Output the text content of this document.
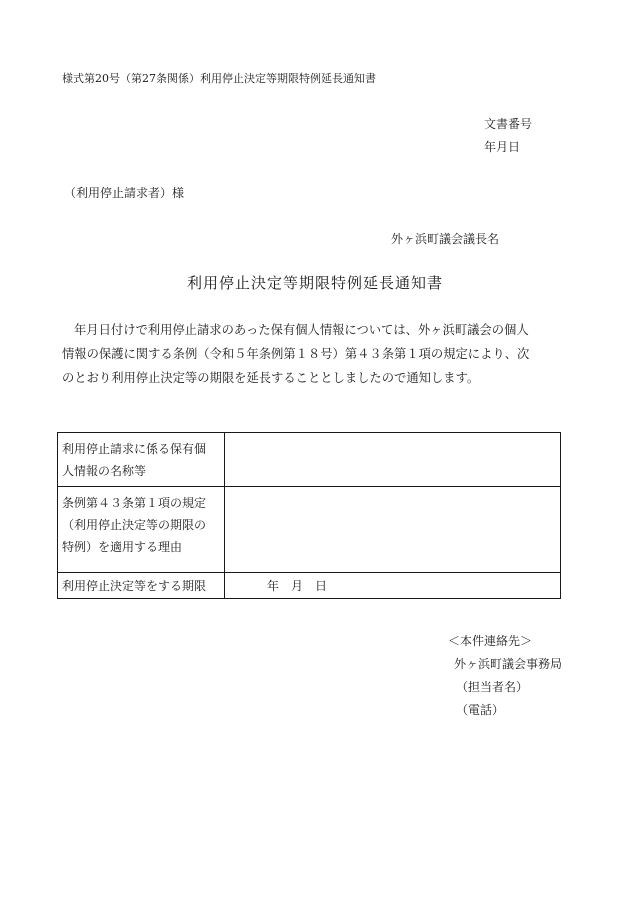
様式第20号（第27条関係）利用停止決定等期限特例延長通知書
文書番号
年月日
（利用停止請求者）様
外ヶ浜町議会議長名
利用停止決定等期限特例延長通知書
年月日付けで利用停止請求のあった保有個人情報については、外ヶ浜町議会の個人
情報の保護に関する条例（令和５年条例第１８号）第４３条第１項の規定により、次
のとおり利用停止決定等の期限を延長することとしましたので通知します。
利用停止請求に係る保有個
人情報の名称等	

条例第４３条第１項の規定
（利用停止決定等の期限の
特例）を適用する理由	

利用停止決定等をする期限	年　月　日
＜本件連絡先＞
外ヶ浜町議会事務局
（担当者名）
（電話）
